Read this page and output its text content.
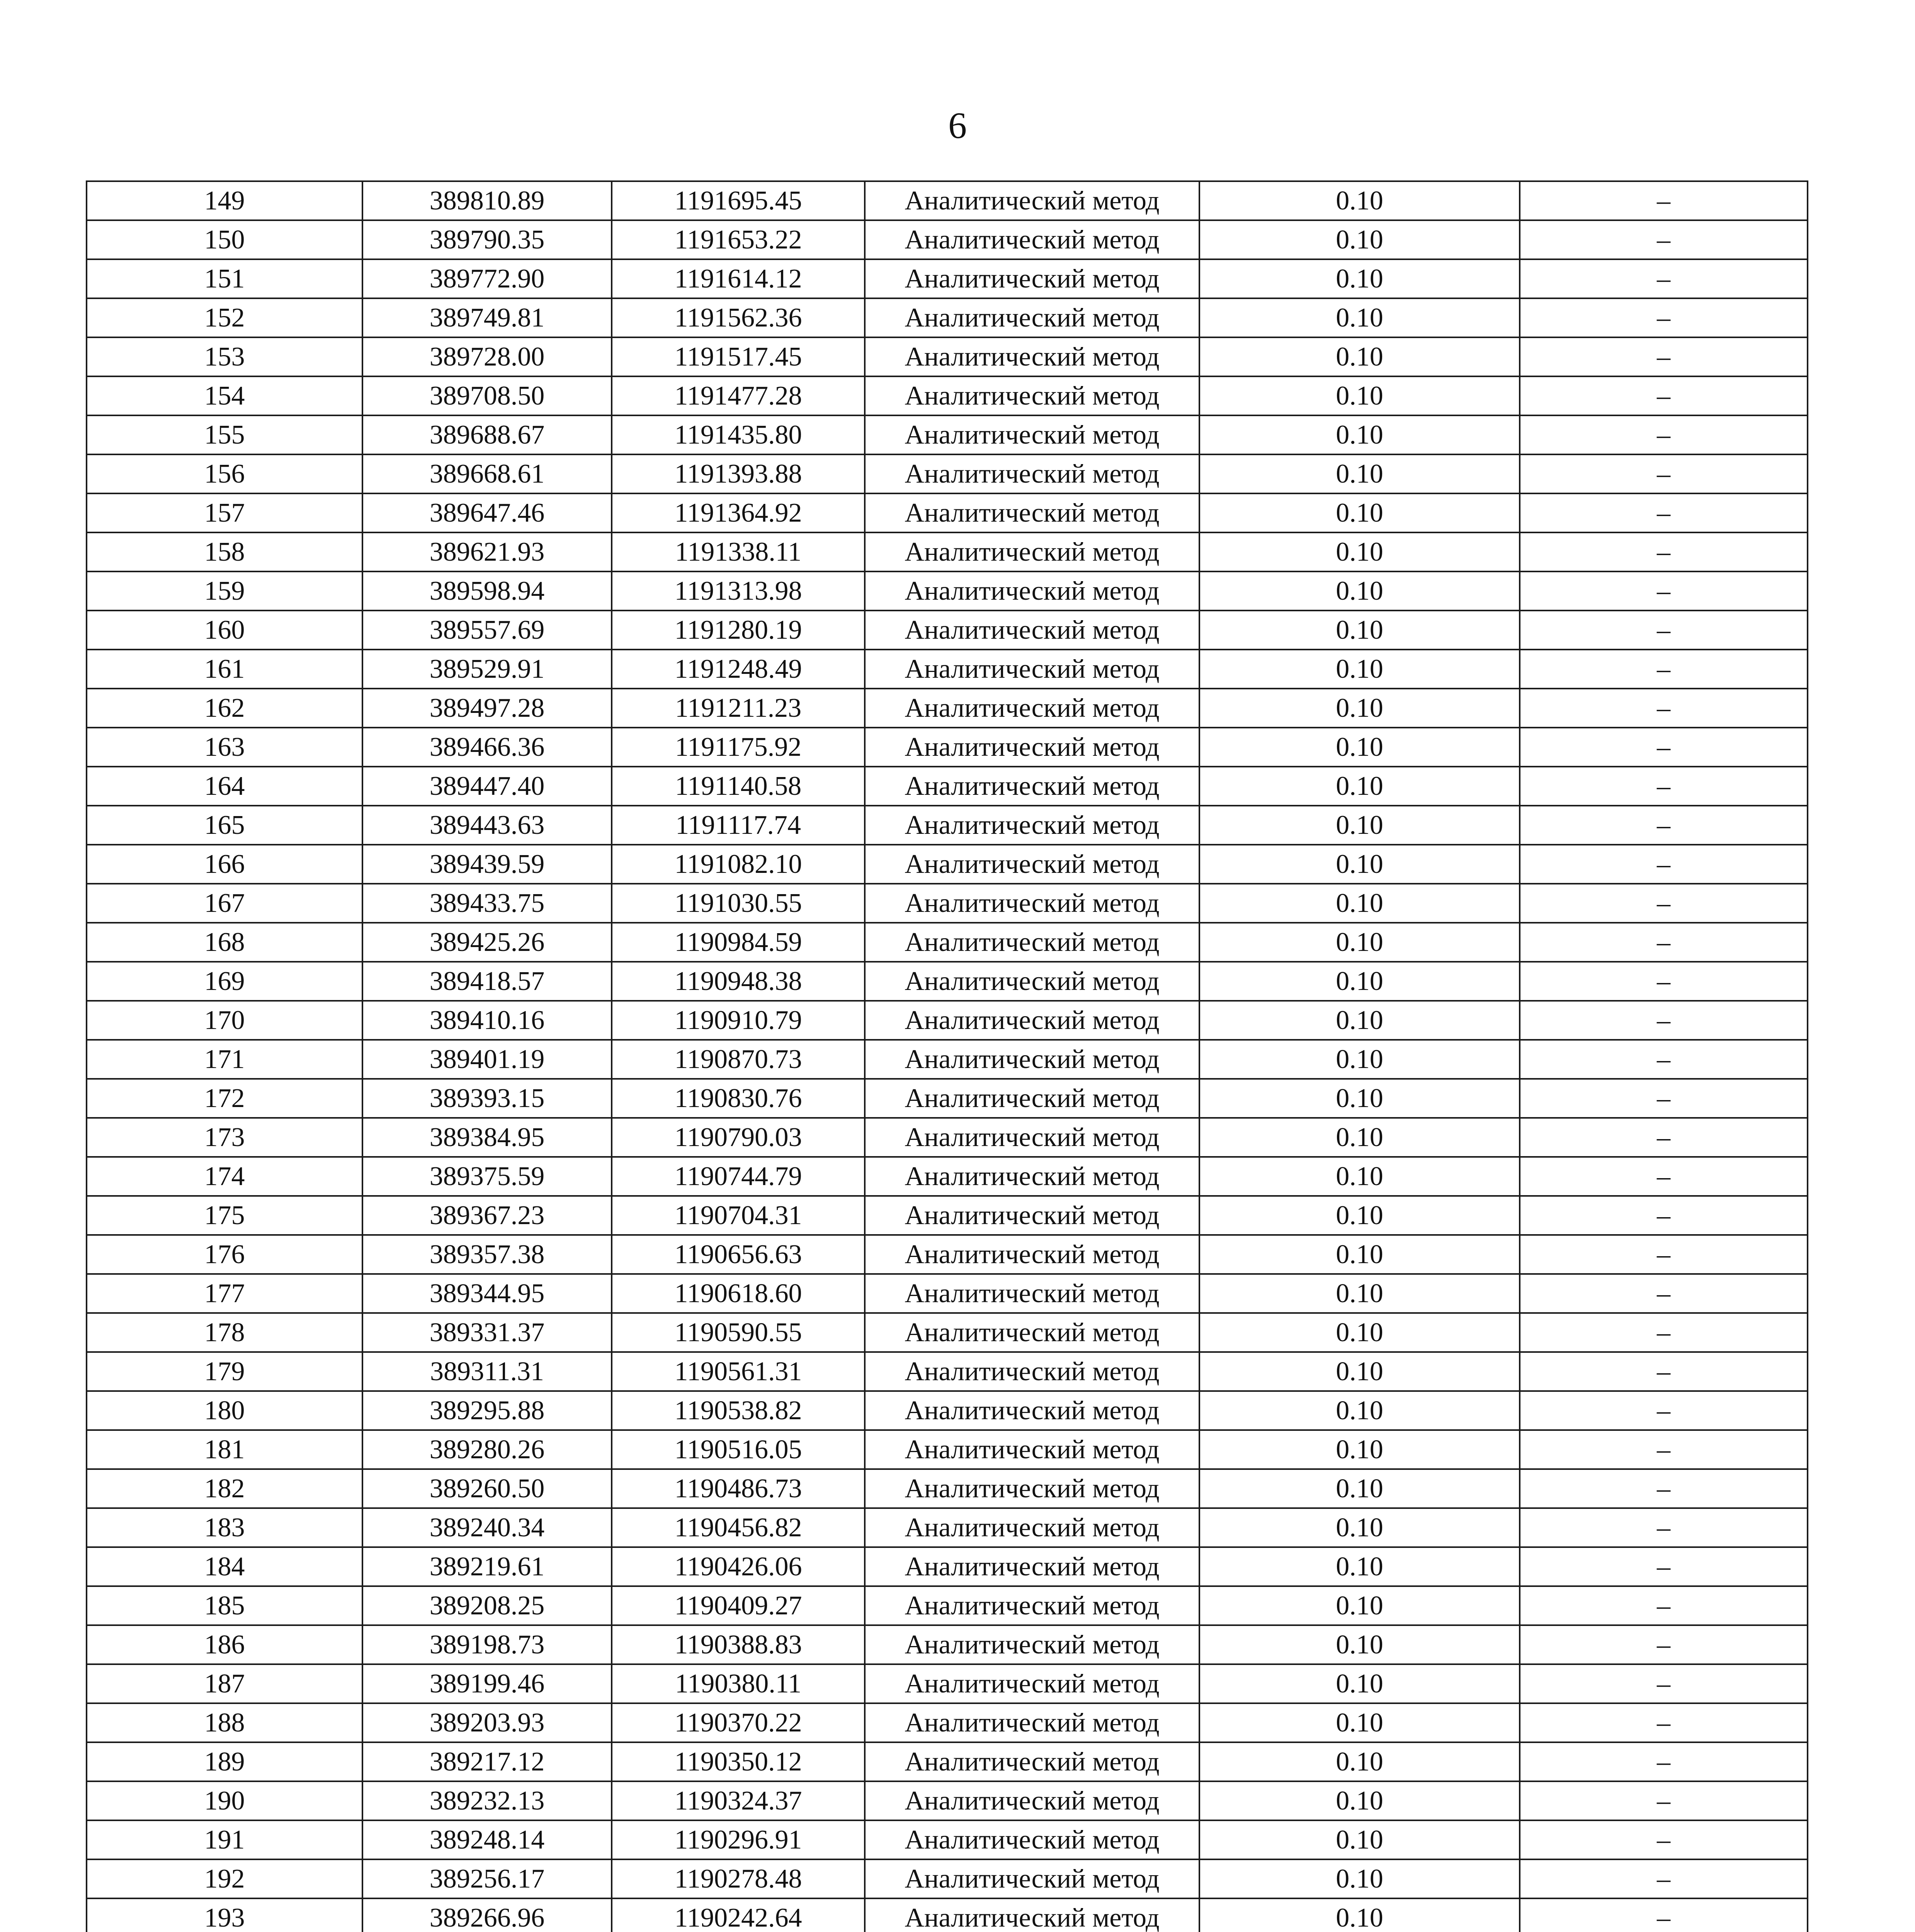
6
149	389810.89	1191695.45	Аналитический метод	0.10	–
150	389790.35	1191653.22	Аналитический метод	0.10	–
151	389772.90	1191614.12	Аналитический метод	0.10	–
152	389749.81	1191562.36	Аналитический метод	0.10	–
153	389728.00	1191517.45	Аналитический метод	0.10	–
154	389708.50	1191477.28	Аналитический метод	0.10	–
155	389688.67	1191435.80	Аналитический метод	0.10	–
156	389668.61	1191393.88	Аналитический метод	0.10	–
157	389647.46	1191364.92	Аналитический метод	0.10	–
158	389621.93	1191338.11	Аналитический метод	0.10	–
159	389598.94	1191313.98	Аналитический метод	0.10	–
160	389557.69	1191280.19	Аналитический метод	0.10	–
161	389529.91	1191248.49	Аналитический метод	0.10	–
162	389497.28	1191211.23	Аналитический метод	0.10	–
163	389466.36	1191175.92	Аналитический метод	0.10	–
164	389447.40	1191140.58	Аналитический метод	0.10	–
165	389443.63	1191117.74	Аналитический метод	0.10	–
166	389439.59	1191082.10	Аналитический метод	0.10	–
167	389433.75	1191030.55	Аналитический метод	0.10	–
168	389425.26	1190984.59	Аналитический метод	0.10	–
169	389418.57	1190948.38	Аналитический метод	0.10	–
170	389410.16	1190910.79	Аналитический метод	0.10	–
171	389401.19	1190870.73	Аналитический метод	0.10	–
172	389393.15	1190830.76	Аналитический метод	0.10	–
173	389384.95	1190790.03	Аналитический метод	0.10	–
174	389375.59	1190744.79	Аналитический метод	0.10	–
175	389367.23	1190704.31	Аналитический метод	0.10	–
176	389357.38	1190656.63	Аналитический метод	0.10	–
177	389344.95	1190618.60	Аналитический метод	0.10	–
178	389331.37	1190590.55	Аналитический метод	0.10	–
179	389311.31	1190561.31	Аналитический метод	0.10	–
180	389295.88	1190538.82	Аналитический метод	0.10	–
181	389280.26	1190516.05	Аналитический метод	0.10	–
182	389260.50	1190486.73	Аналитический метод	0.10	–
183	389240.34	1190456.82	Аналитический метод	0.10	–
184	389219.61	1190426.06	Аналитический метод	0.10	–
185	389208.25	1190409.27	Аналитический метод	0.10	–
186	389198.73	1190388.83	Аналитический метод	0.10	–
187	389199.46	1190380.11	Аналитический метод	0.10	–
188	389203.93	1190370.22	Аналитический метод	0.10	–
189	389217.12	1190350.12	Аналитический метод	0.10	–
190	389232.13	1190324.37	Аналитический метод	0.10	–
191	389248.14	1190296.91	Аналитический метод	0.10	–
192	389256.17	1190278.48	Аналитический метод	0.10	–
193	389266.96	1190242.64	Аналитический метод	0.10	–
